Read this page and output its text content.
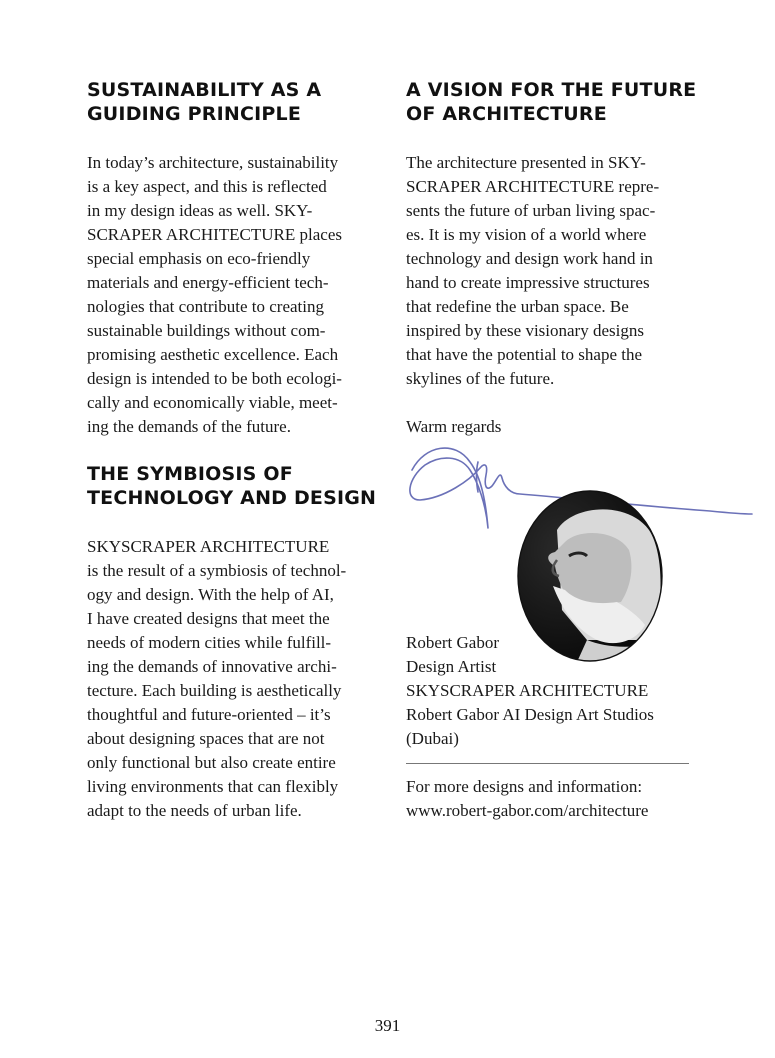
SUSTAINABILITY AS A
GUIDING PRINCIPLE

In today’s architecture, sustainability
is a key aspect, and this is reflected
in my design ideas as well. SKY-
SCRAPER ARCHITECTURE places
special emphasis on eco-friendly
materials and energy-efficient tech-
nologies that contribute to creating
sustainable buildings without com-
promising aesthetic excellence. Each
design is intended to be both ecologi-
cally and economically viable, meet-
ing the demands of the future.

THE SYMBIOSIS OF
TECHNOLOGY AND DESIGN

SKYSCRAPER ARCHITECTURE
is the result of a symbiosis of technol-
ogy and design. With the help of AI,
I have created designs that meet the
needs of modern cities while fulfill-
ing the demands of innovative archi-
tecture. Each building is aesthetically
thoughtful and future-oriented – it’s
about designing spaces that are not
only functional but also create entire
living environments that can flexibly
adapt to the needs of urban life.

A VISION FOR THE FUTURE
OF ARCHITECTURE

The architecture presented in SKY-
SCRAPER ARCHITECTURE repre-
sents the future of urban living spac-
es. It is my vision of a world where
technology and design work hand in
hand to create impressive structures
that redefine the urban space. Be
inspired by these visionary designs
that have the potential to shape the
skylines of the future.

Warm regards

Robert Gabor
Design Artist
SKYSCRAPER ARCHITECTURE
Robert Gabor AI Design Art Studios
(Dubai)

For more designs and information:
www.robert-gabor.com/architecture

391
